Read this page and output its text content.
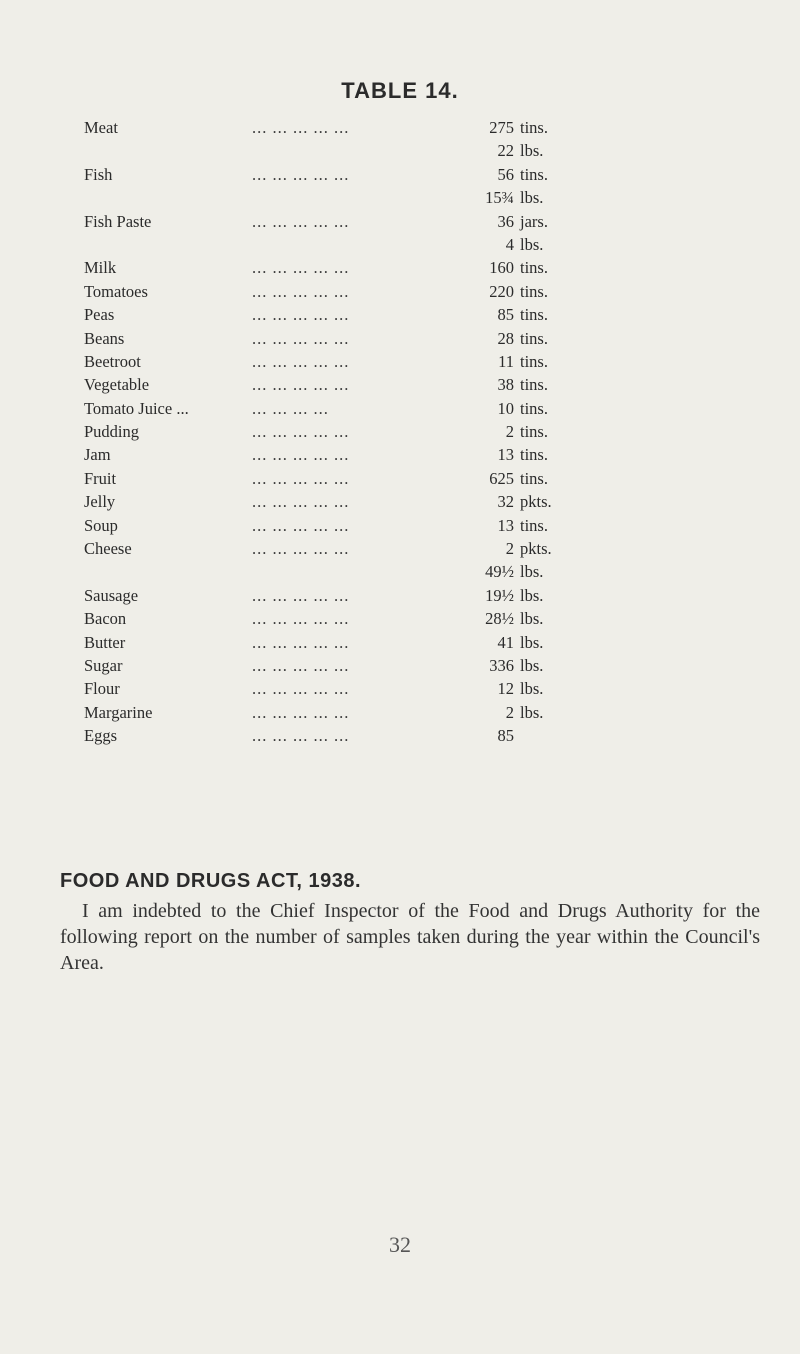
TABLE 14.
Meat	... ... ... ... ...	275 tins.
22 lbs.
Fish	... ... ... ... ...	56 tins.
15¾ lbs.
Fish Paste	... ... ... ... ...	36 jars.
4 lbs.
Milk	... ... ... ... ...	160 tins.
Tomatoes	... ... ... ... ...	220 tins.
Peas	... ... ... ... ...	85 tins.
Beans	... ... ... ... ...	28 tins.
Beetroot	... ... ... ... ...	11 tins.
Vegetable	... ... ... ... ...	38 tins.
Tomato Juice ...	... ... ... ...	10 tins.
Pudding	... ... ... ... ...	2 tins.
Jam	... ... ... ... ...	13 tins.
Fruit	... ... ... ... ...	625 tins.
Jelly	... ... ... ... ...	32 pkts.
Soup	... ... ... ... ...	13 tins.
Cheese	... ... ... ... ...	2 pkts.
49½ lbs.
Sausage	... ... ... ... ...	19½ lbs.
Bacon	... ... ... ... ...	28½ lbs.
Butter	... ... ... ... ...	41 lbs.
Sugar	... ... ... ... ...	336 lbs.
Flour	... ... ... ... ...	12 lbs.
Margarine	... ... ... ... ...	2 lbs.
Eggs	... ... ... ... ...	85
FOOD AND DRUGS ACT, 1938.

I am indebted to the Chief Inspector of the Food and Drugs Authority for the following report on the number of samples taken during the year within the Council's Area.

32
